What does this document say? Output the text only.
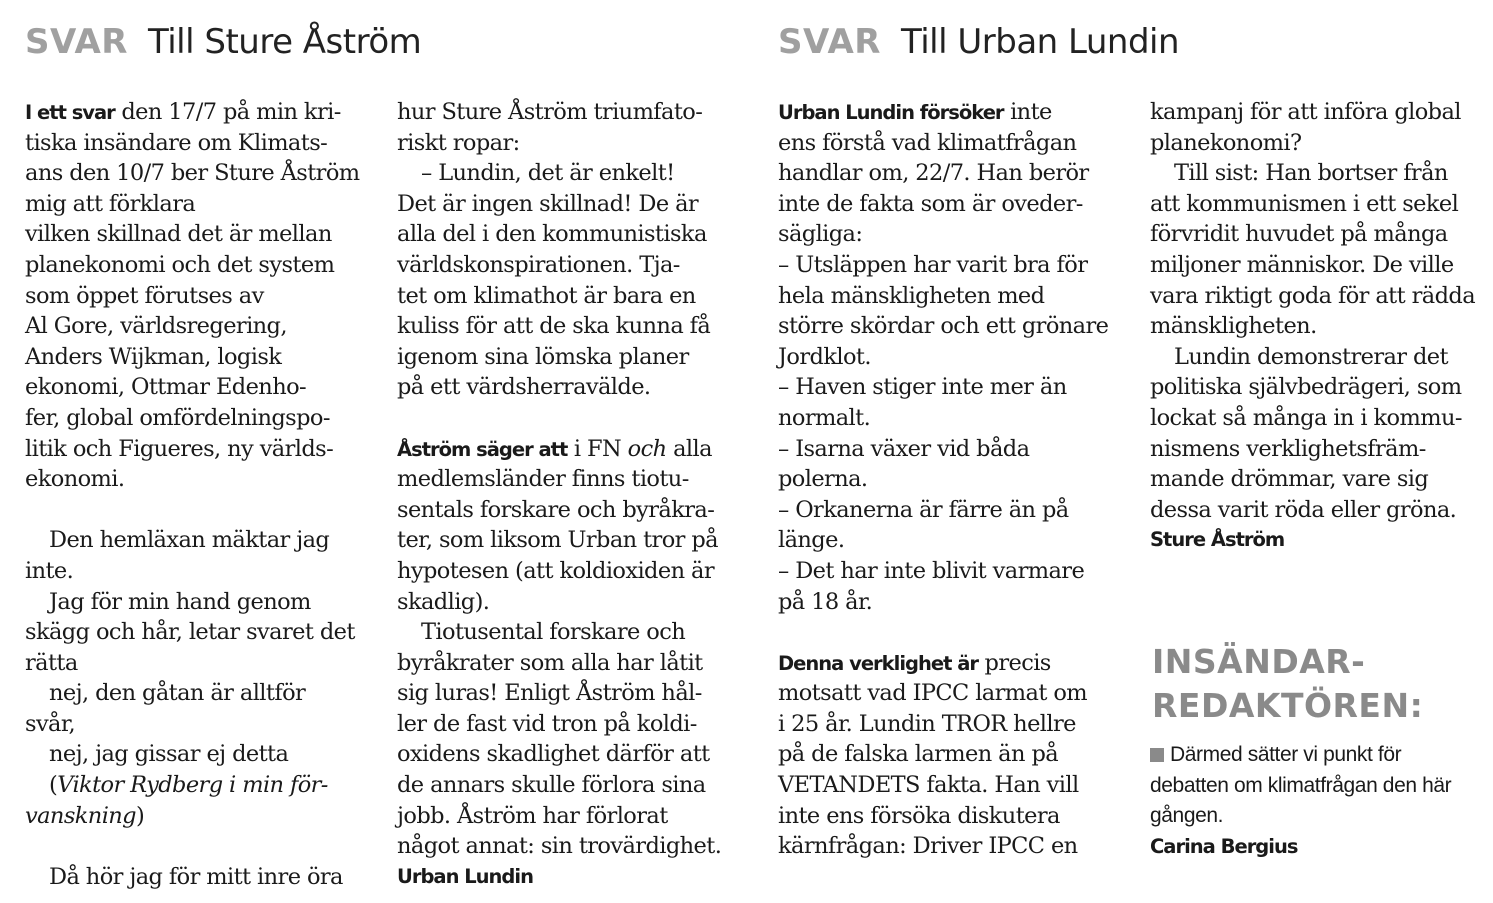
SVAR Till Sture Åström	SVAR Till Urban Lundin
I ett svar den 17/7 på min kri-
tiska insändare om Klimats-
ans den 10/7 ber Sture Åström
mig att förklara
vilken skillnad det är mellan
planekonomi och det system
som öppet förutses av
Al Gore, världsregering,
Anders Wijkman, logisk
ekonomi, Ottmar Edenho-
fer, global omfördelningspo-
litik och Figueres, ny världs-
ekonomi.
Den hemläxan mäktar jag
inte.
Jag för min hand genom
skägg och hår, letar svaret det
rätta
nej, den gåtan är alltför
svår,
nej, jag gissar ej detta
(Viktor Rydberg i min för-
vanskning)
Då hör jag för mitt inre öra
hur Sture Åström triumfato-
riskt ropar:
– Lundin, det är enkelt!
Det är ingen skillnad! De är
alla del i den kommunistiska
världskonspirationen. Tja-
tet om klimathot är bara en
kuliss för att de ska kunna få
igenom sina lömska planer
på ett värdsherravälde.
Åström säger att i FN och alla
medlemsländer finns tiotu-
sentals forskare och byråkra-
ter, som liksom Urban tror på
hypotesen (att koldioxiden är
skadlig).
Tiotusental forskare och
byråkrater som alla har låtit
sig luras! Enligt Åström hål-
ler de fast vid tron på koldi-
oxidens skadlighet därför att
de annars skulle förlora sina
jobb. Åström har förlorat
något annat: sin trovärdighet.
Urban Lundin
Urban Lundin försöker inte
ens förstå vad klimatfrågan
handlar om, 22/7. Han berör
inte de fakta som är oveder-
sägliga:
– Utsläppen har varit bra för
hela mänskligheten med
större skördar och ett grönare
Jordklot.
– Haven stiger inte mer än
normalt.
– Isarna växer vid båda
polerna.
– Orkanerna är färre än på
länge.
– Det har inte blivit varmare
på 18 år.
Denna verklighet är precis
motsatt vad IPCC larmat om
i 25 år. Lundin TROR hellre
på de falska larmen än på
VETANDETS fakta. Han vill
inte ens försöka diskutera
kärnfrågan: Driver IPCC en
kampanj för att införa global
planekonomi?
Till sist: Han bortser från
att kommunismen i ett sekel
förvridit huvudet på många
miljoner människor. De ville
vara riktigt goda för att rädda
mänskligheten.
Lundin demonstrerar det
politiska självbedrägeri, som
lockat så många in i kommu-
nismens verklighetsfräm-
mande drömmar, vare sig
dessa varit röda eller gröna.
Sture Åström
INSÄNDAR-
REDAKTÖREN:
Därmed sätter vi punkt för
debatten om klimatfrågan den här
gången.
Carina Bergius
